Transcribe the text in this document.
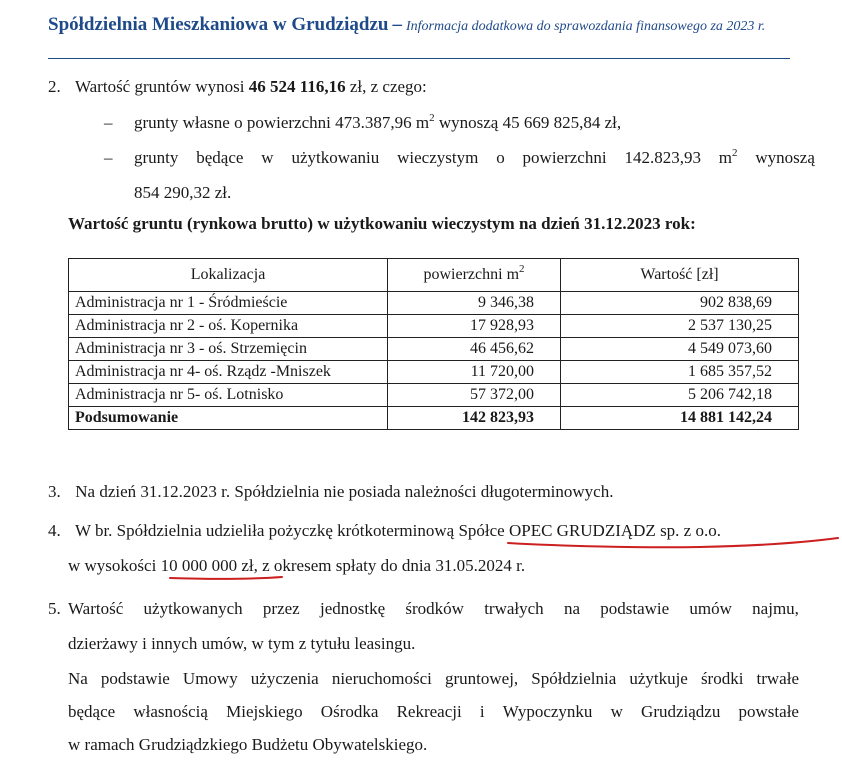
Spółdzielnia Mieszkaniowa w Grudziądzu – Informacja dodatkowa do sprawozdania finansowego za 2023 r.
2. Wartość gruntów wynosi 46 524 116,16 zł, z czego:
– grunty własne o powierzchni 473.387,96 $m^2$ wynoszą 45 669 825,84 zł,
– grunty będące w użytkowaniu wieczystym o powierzchni 142.823,93 $m^2$ wynoszą
854 290,32 zł.
Wartość gruntu (rynkowa brutto) w użytkowaniu wieczystym na dzień 31.12.2023 rok:
Lokalizacja	powierzchni $m^2$	Wartość [zł]
Administracja nr 1 - Śródmieście	9 346,38	902 838,69
Administracja nr 2 - oś. Kopernika	17 928,93	2 537 130,25
Administracja nr 3 - oś. Strzemięcin	46 456,62	4 549 073,60
Administracja nr 4- oś. Rządz -Mniszek	11 720,00	1 685 357,52
Administracja nr 5- oś. Lotnisko	57 372,00	5 206 742,18
Podsumowanie	142 823,93	14 881 142,24
3. Na dzień 31.12.2023 r. Spółdzielnia nie posiada należności długoterminowych.
4. W br. Spółdzielnia udzieliła pożyczkę krótkoterminową Spółce OPEC GRUDZIĄDZ sp. z o.o.
w wysokości 10 000 000 zł, z okresem spłaty do dnia 31.05.2024 r.
5. Wartość użytkowanych przez jednostkę środków trwałych na podstawie umów najmu,
dzierżawy i innych umów, w tym z tytułu leasingu.
Na podstawie Umowy użyczenia nieruchomości gruntowej, Spółdzielnia użytkuje środki trwałe
będące własnością Miejskiego Ośrodka Rekreacji i Wypoczynku w Grudziądzu powstałe
w ramach Grudziądzkiego Budżetu Obywatelskiego.
